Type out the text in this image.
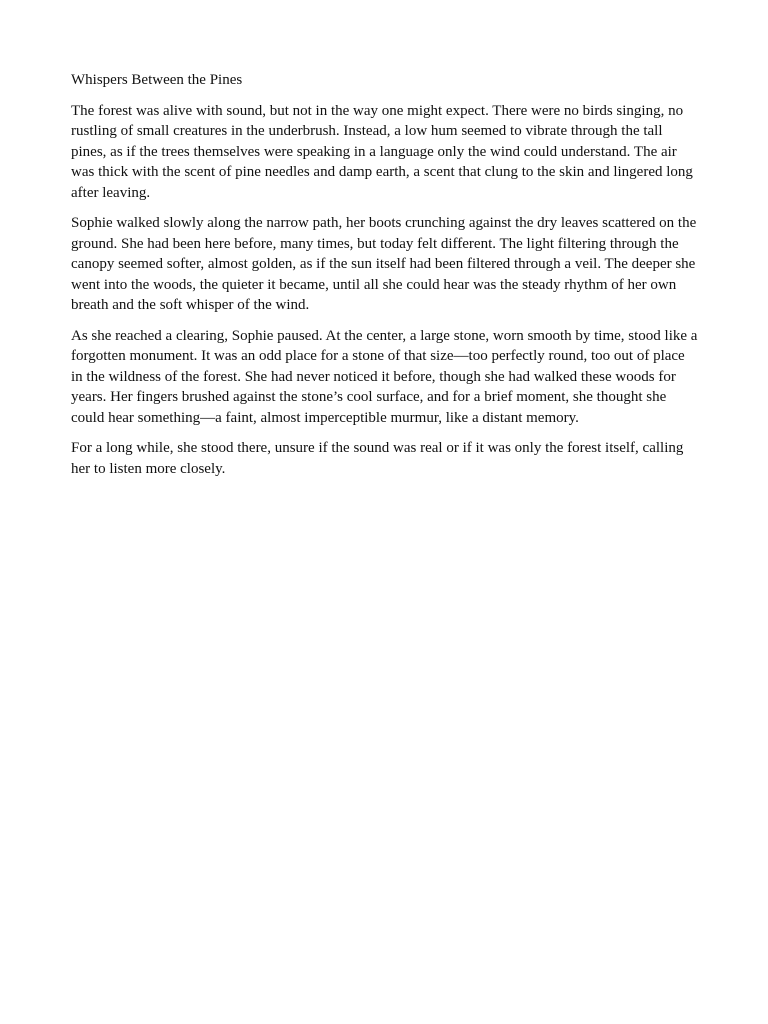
Whispers Between the Pines

The forest was alive with sound, but not in the way one might expect. There were no birds singing, no rustling of small creatures in the underbrush. Instead, a low hum seemed to vibrate through the tall pines, as if the trees themselves were speaking in a language only the wind could understand. The air was thick with the scent of pine needles and damp earth, a scent that clung to the skin and lingered long after leaving.

Sophie walked slowly along the narrow path, her boots crunching against the dry leaves scattered on the ground. She had been here before, many times, but today felt different. The light filtering through the canopy seemed softer, almost golden, as if the sun itself had been filtered through a veil. The deeper she went into the woods, the quieter it became, until all she could hear was the steady rhythm of her own breath and the soft whisper of the wind.

As she reached a clearing, Sophie paused. At the center, a large stone, worn smooth by time, stood like a forgotten monument. It was an odd place for a stone of that size—too perfectly round, too out of place in the wildness of the forest. She had never noticed it before, though she had walked these woods for years. Her fingers brushed against the stone’s cool surface, and for a brief moment, she thought she could hear something—a faint, almost imperceptible murmur, like a distant memory.

For a long while, she stood there, unsure if the sound was real or if it was only the forest itself, calling her to listen more closely.
